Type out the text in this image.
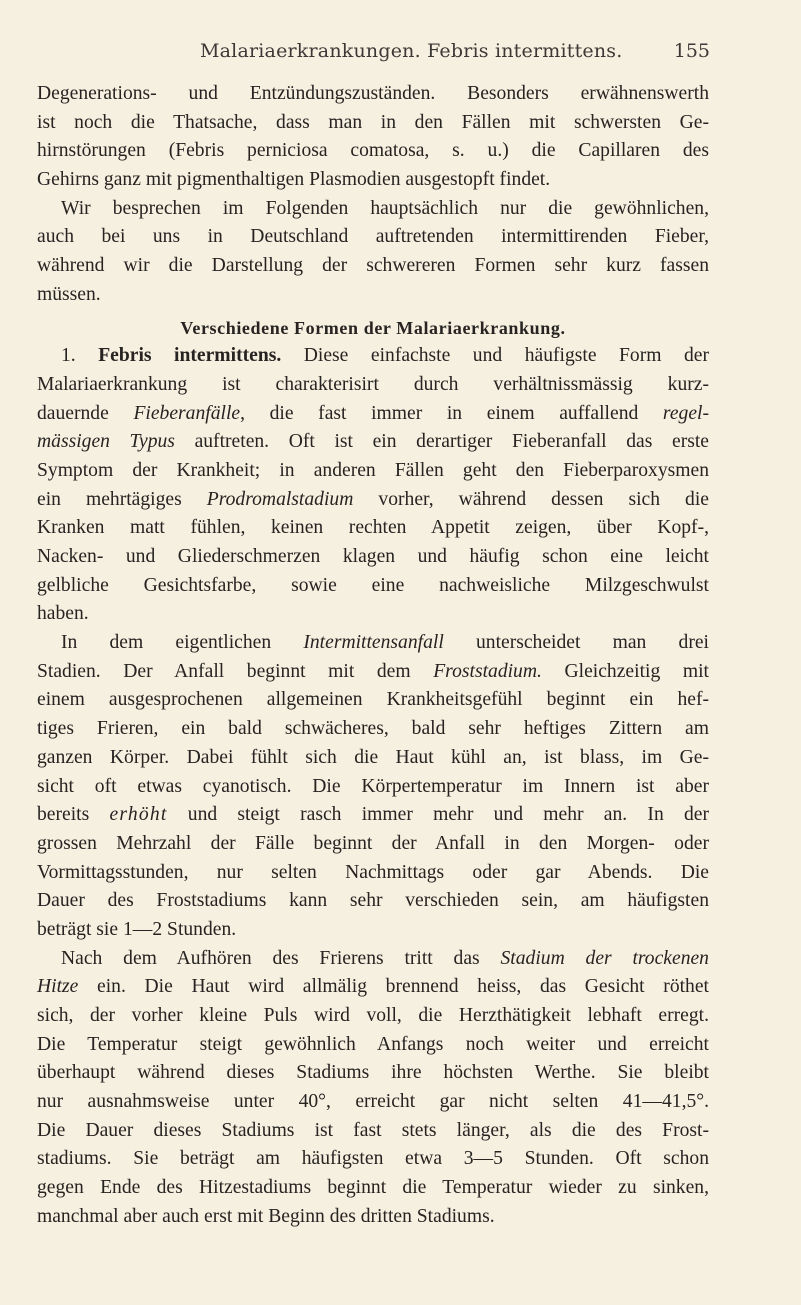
Malariaerkrankungen. Febris intermittens.	155
Degenerations- und Entzündungszuständen. Besonders erwähnenswerth
ist noch die Thatsache, dass man in den Fällen mit schwersten Ge-
hirnstörungen (Febris perniciosa comatosa, s. u.) die Capillaren des
Gehirns ganz mit pigmenthaltigen Plasmodien ausgestopft findet.
Wir besprechen im Folgenden hauptsächlich nur die gewöhnlichen,
auch bei uns in Deutschland auftretenden intermittirenden Fieber,
während wir die Darstellung der schwereren Formen sehr kurz fassen
müssen.
Verschiedene Formen der Malariaerkrankung.
1. Febris intermittens. Diese einfachste und häufigste Form der
Malariaerkrankung ist charakterisirt durch verhältnissmässig kurz-
dauernde Fieberanfälle, die fast immer in einem auffallend regel-
mässigen Typus auftreten. Oft ist ein derartiger Fieberanfall das erste
Symptom der Krankheit; in anderen Fällen geht den Fieberparoxysmen
ein mehrtägiges Prodromalstadium vorher, während dessen sich die
Kranken matt fühlen, keinen rechten Appetit zeigen, über Kopf-,
Nacken- und Gliederschmerzen klagen und häufig schon eine leicht
gelbliche Gesichtsfarbe, sowie eine nachweisliche Milzgeschwulst
haben.
In dem eigentlichen Intermittensanfall unterscheidet man drei
Stadien. Der Anfall beginnt mit dem Froststadium. Gleichzeitig mit
einem ausgesprochenen allgemeinen Krankheitsgefühl beginnt ein hef-
tiges Frieren, ein bald schwächeres, bald sehr heftiges Zittern am
ganzen Körper. Dabei fühlt sich die Haut kühl an, ist blass, im Ge-
sicht oft etwas cyanotisch. Die Körpertemperatur im Innern ist aber
bereits erhöht und steigt rasch immer mehr und mehr an. In der
grossen Mehrzahl der Fälle beginnt der Anfall in den Morgen- oder
Vormittagsstunden, nur selten Nachmittags oder gar Abends. Die
Dauer des Froststadiums kann sehr verschieden sein, am häufigsten
beträgt sie 1—2 Stunden.
Nach dem Aufhören des Frierens tritt das Stadium der trockenen
Hitze ein. Die Haut wird allmälig brennend heiss, das Gesicht röthet
sich, der vorher kleine Puls wird voll, die Herzthätigkeit lebhaft erregt.
Die Temperatur steigt gewöhnlich Anfangs noch weiter und erreicht
überhaupt während dieses Stadiums ihre höchsten Werthe. Sie bleibt
nur ausnahmsweise unter 40°, erreicht gar nicht selten 41—41,5°.
Die Dauer dieses Stadiums ist fast stets länger, als die des Frost-
stadiums. Sie beträgt am häufigsten etwa 3—5 Stunden. Oft schon
gegen Ende des Hitzestadiums beginnt die Temperatur wieder zu sinken,
manchmal aber auch erst mit Beginn des dritten Stadiums.
